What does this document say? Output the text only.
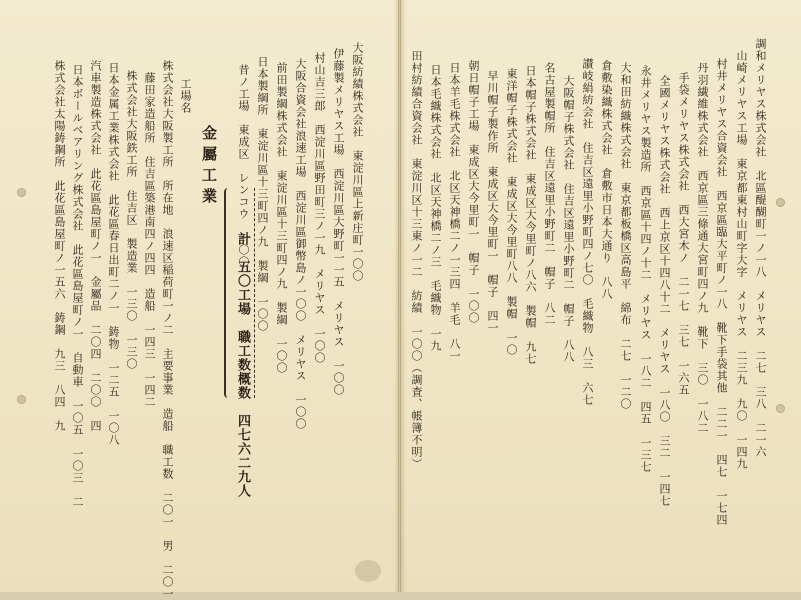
調和メリヤス株式会社　北區醍醐町一ノ一八　メリヤス　二七　三八　二一六
山崎メリヤス工場　東京都東村山町字大字　メリヤス　二三九　九〇　一四九
村井メリヤス合資会社　西京區臨大平町ノ一八　靴下手袋其他　二二一　四七　一七四
丹羽繊維株式会社　西京區三條通大宮町四ノ九　靴下　三〇　一八二
手袋メリヤス株式会社　西大宮木ノ　二一七　三七　一六五
全國メリヤス株式会社　西上京区十四八十二　メリヤス　一八〇　三二　一四七
永井メリヤス製造所　西京區十四ノ十二　メリヤス　一八二　四五　一三七
大和田紡織株式会社　東京都板橋区高島平　綿布　二七　一二〇
倉敷染織株式会社　倉敷市日本大通り　八八
讃岐絹紡会社　住吉区遠里小野町四ノ七〇　毛織物　八三　六七
大阪帽子株式会社　住吉区遠里小野町二　帽子　八八
名古屋製帽所　住吉区遠里小野町二　帽子　八二
日本帽子株式会社　東成区大今里町ノ八六　製帽　九七
東洋帽子株式会社　東成区大今里町八八　製帽　一〇
早川帽子製作所　東成区大今里町一　帽子　四一
朝日帽子工場　東成区大今里町一　帽子　一〇〇
日本羊毛株式会社　北区天神橋二ノ一三四　羊毛　八一
日本毛織株式会社　北区天神橋二ノ三　毛織物　一九
田村紡績合資会社　東淀川区十三東ノ一二　紡績　一〇〇（調査、帳簿不明）
大阪紡績株式会社　東淀川區上新庄町一〇〇
伊藤製メリヤス工場　西淀川區大野町一一五　メリヤス　一〇〇
村山吉三郎　西淀川區野田町三ノ一九　メリヤス　一〇〇
大阪合資会社浪速工場　西淀川區御幣島ノ一〇〇　メリヤス　一〇〇
前田製綱株式会社　東淀川區十三町四ノ九　製綱　一〇〇
日本製綱所　東淀川區十三町四ノ九　製綱　一〇〇
昔ノ工場　東成区　レンコウ　一〇〇
計　五〇工場　職工数概数　四七六二九人
金屬工業
工場名
株式会社大阪製工所　所在地　浪速区稲荷町一ノ二　主要事業　造船　職工数　二〇一　男　二〇一
藤田家造船所　住吉區築港南四ノ四四　造船　一四三　一四二
株式会社大阪鉄工所　住吉区　製造業　一三〇　一三〇
日本金属工業株式会社　此花區春日出町二ノ一　鋳物　一二五　一〇八
汽車製造株式会社　此花區島屋町ノ一　金屬品　二〇四　二〇〇　四
日本ボールベアリング株式会社　此花區島屋町ノ一　自動車　一〇五　一〇三　二
株式会社太陽鋳鋼所　此花區島屋町ノ一五六　鋳鋼　九三　八四　九
